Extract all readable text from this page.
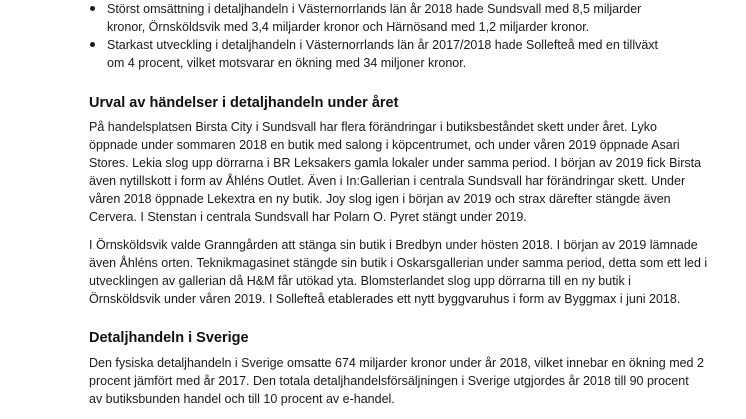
Störst omsättning i detaljhandeln i Västernorrlands län år 2018 hade Sundsvall med 8,5 miljarder
kronor, Örnsköldsvik med 3,4 miljarder kronor och Härnösand med 1,2 miljarder kronor.
Starkast utveckling i detaljhandeln i Västernorrlands län år 2017/2018 hade Sollefteå med en tillväxt
om 4 procent, vilket motsvarar en ökning med 34 miljoner kronor.
Urval av händelser i detaljhandeln under året
På handelsplatsen Birsta City i Sundsvall har flera förändringar i butiksbeståndet skett under året. Lyko
öppnade under sommaren 2018 en butik med salong i köpcentrumet, och under våren 2019 öppnade Asari
Stores. Lekia slog upp dörrarna i BR Leksakers gamla lokaler under samma period. I början av 2019 fick Birsta
även nytillskott i form av Åhléns Outlet. Även i In:Gallerian i centrala Sundsvall har förändringar skett. Under
våren 2018 öppnade Lekextra en ny butik. Joy slog igen i början av 2019 och strax därefter stängde även
Cervera. I Stenstan i centrala Sundsvall har Polarn O. Pyret stängt under 2019.
I Örnsköldsvik valde Granngården att stänga sin butik i Bredbyn under hösten 2018. I början av 2019 lämnade
även Åhléns orten. Teknikmagasinet stängde sin butik i Oskarsgallerian under samma period, detta som ett led i
utvecklingen av gallerian då H&M får utökad yta. Blomsterlandet slog upp dörrarna till en ny butik i
Örnsköldsvik under våren 2019. I Sollefteå etablerades ett nytt byggvaruhus i form av Byggmax i juni 2018.
Detaljhandeln i Sverige
Den fysiska detaljhandeln i Sverige omsatte 674 miljarder kronor under år 2018, vilket innebar en ökning med 2
procent jämfört med år 2017. Den totala detaljhandelsförsäljningen i Sverige utgjordes år 2018 till 90 procent
av butiksbunden handel och till 10 procent av e-handel.
